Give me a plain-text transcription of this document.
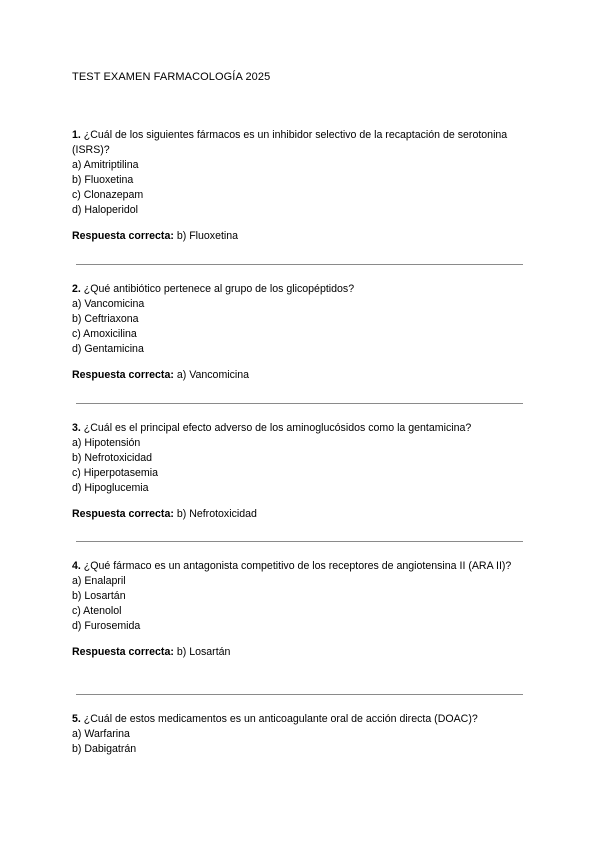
TEST EXAMEN FARMACOLOGÍA 2025
1. ¿Cuál de los siguientes fármacos es un inhibidor selectivo de la recaptación de serotonina (ISRS)?
a) Amitriptilina
b) Fluoxetina
c) Clonazepam
d) Haloperidol
Respuesta correcta: b) Fluoxetina
2. ¿Qué antibiótico pertenece al grupo de los glicopéptidos?
a) Vancomicina
b) Ceftriaxona
c) Amoxicilina
d) Gentamicina
Respuesta correcta: a) Vancomicina
3. ¿Cuál es el principal efecto adverso de los aminoglucósidos como la gentamicina?
a) Hipotensión
b) Nefrotoxicidad
c) Hiperpotasemia
d) Hipoglucemia
Respuesta correcta: b) Nefrotoxicidad
4. ¿Qué fármaco es un antagonista competitivo de los receptores de angiotensina II (ARA II)?
a) Enalapril
b) Losartán
c) Atenolol
d) Furosemida
Respuesta correcta: b) Losartán
5. ¿Cuál de estos medicamentos es un anticoagulante oral de acción directa (DOAC)?
a) Warfarina
b) Dabigatrán
